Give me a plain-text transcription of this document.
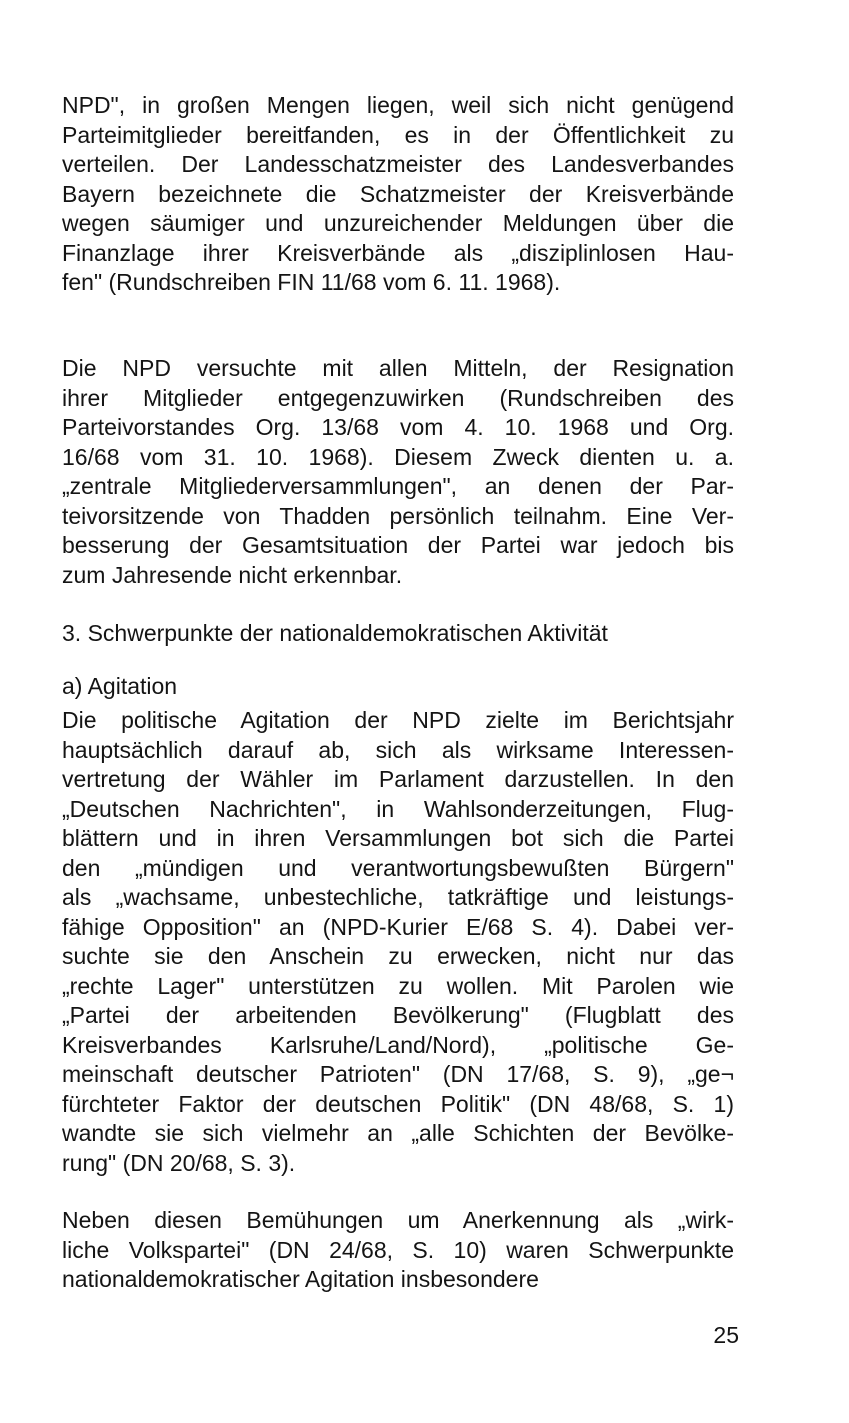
NPD", in großen Mengen liegen, weil sich nicht genügend
Parteimitglieder bereitfanden, es in der Öffentlichkeit zu
verteilen. Der Landesschatzmeister des Landesverbandes
Bayern bezeichnete die Schatzmeister der Kreisverbände
wegen säumiger und unzureichender Meldungen über die
Finanzlage ihrer Kreisverbände als „disziplinlosen Hau-
fen" (Rundschreiben FIN 11/68 vom 6. 11. 1968).
Die NPD versuchte mit allen Mitteln, der Resignation
ihrer Mitglieder entgegenzuwirken (Rundschreiben des
Parteivorstandes Org. 13/68 vom 4. 10. 1968 und Org.
16/68 vom 31. 10. 1968). Diesem Zweck dienten u. a.
„zentrale Mitgliederversammlungen", an denen der Par-
teivorsitzende von Thadden persönlich teilnahm. Eine Ver-
besserung der Gesamtsituation der Partei war jedoch bis
zum Jahresende nicht erkennbar.
3. Schwerpunkte der nationaldemokratischen Aktivität
a) Agitation
Die politische Agitation der NPD zielte im Berichtsjahr
hauptsächlich darauf ab, sich als wirksame Interessen-
vertretung der Wähler im Parlament darzustellen. In den
„Deutschen Nachrichten", in Wahlsonderzeitungen, Flug-
blättern und in ihren Versammlungen bot sich die Partei
den „mündigen und verantwortungsbewußten Bürgern"
als „wachsame, unbestechliche, tatkräftige und leistungs-
fähige Opposition" an (NPD-Kurier E/68 S. 4). Dabei ver-
suchte sie den Anschein zu erwecken, nicht nur das
„rechte Lager" unterstützen zu wollen. Mit Parolen wie
„Partei der arbeitenden Bevölkerung" (Flugblatt des
Kreisverbandes Karlsruhe/Land/Nord), „politische Ge-
meinschaft deutscher Patrioten" (DN 17/68, S. 9), „ge¬
fürchteter Faktor der deutschen Politik" (DN 48/68, S. 1)
wandte sie sich vielmehr an „alle Schichten der Bevölke-
rung" (DN 20/68, S. 3).
Neben diesen Bemühungen um Anerkennung als „wirk-
liche Volkspartei" (DN 24/68, S. 10) waren Schwerpunkte
nationaldemokratischer Agitation insbesondere
25
